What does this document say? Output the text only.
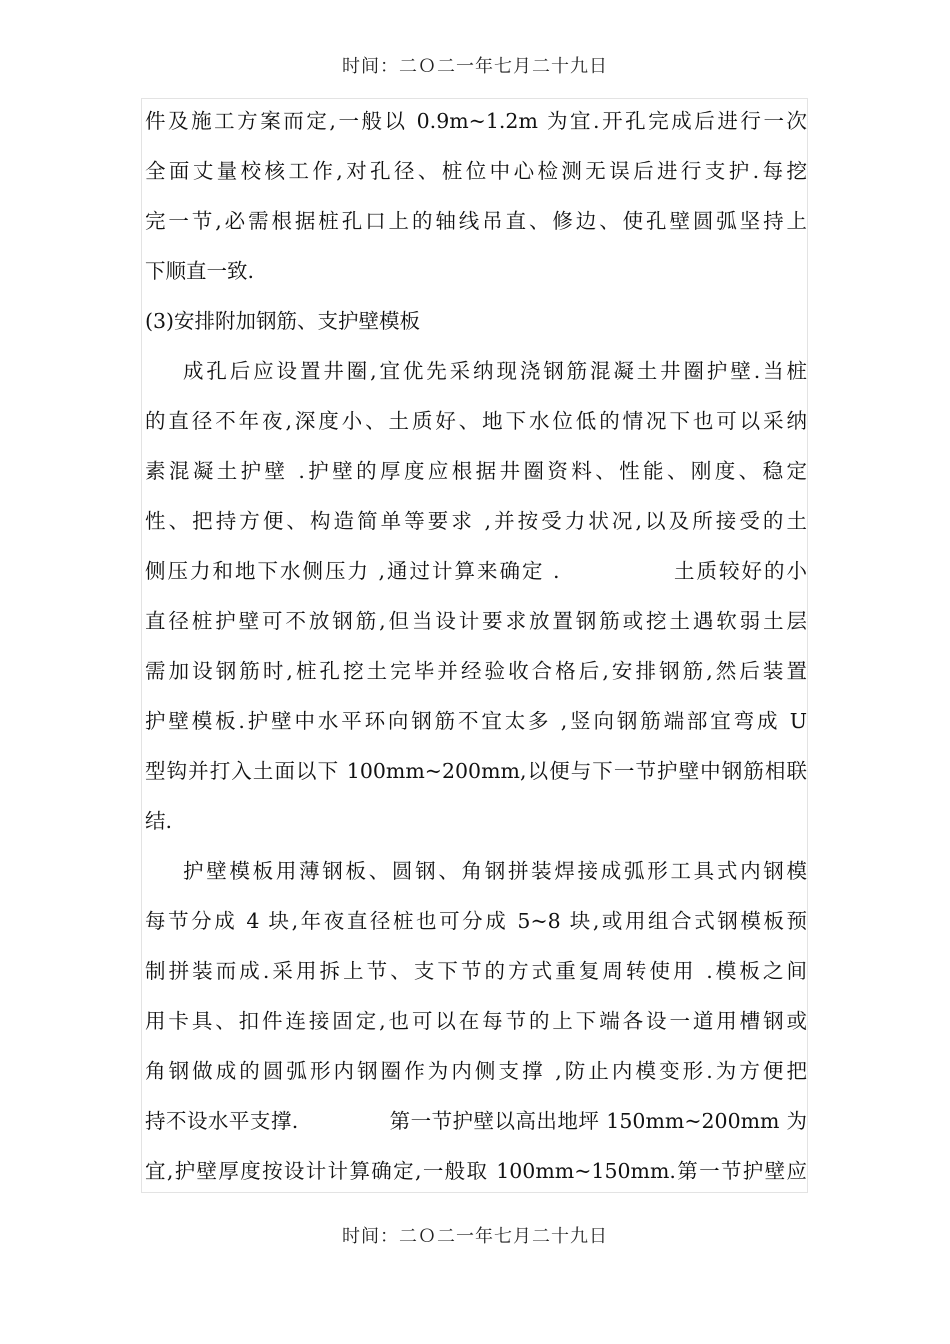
时间：二Ｏ二一年七月二十九日
件及施工方案而定,一般以 0.9m~1.2m 为宜.开孔完成后进行一次
全面丈量校核工作,对孔径、桩位中心检测无误后进行支护.每挖
完一节,必需根据桩孔口上的轴线吊直、修边、使孔壁圆弧坚持上
下顺直一致.
(3)安排附加钢筋、支护壁模板
成孔后应设置井圈,宜优先采纳现浇钢筋混凝土井圈护壁.当桩
的直径不年夜,深度小、土质好、地下水位低的情况下也可以采纳
素混凝土护壁 .护壁的厚度应根据井圈资料、性能、刚度、稳定
性、把持方便、构造简单等要求 ,并按受力状况,以及所接受的土
侧压力和地下水侧压力 ,通过计算来确定 .　　　　　土质较好的小
直径桩护壁可不放钢筋,但当设计要求放置钢筋或挖土遇软弱土层
需加设钢筋时,桩孔挖土完毕并经验收合格后,安排钢筋,然后装置
护壁模板.护壁中水平环向钢筋不宜太多 ,竖向钢筋端部宜弯成 U
型钩并打入土面以下 100mm~200mm,以便与下一节护壁中钢筋相联
结.
护壁模板用薄钢板、圆钢、角钢拼装焊接成弧形工具式内钢模
每节分成 4 块,年夜直径桩也可分成 5~8 块,或用组合式钢模板预
制拼装而成.采用拆上节、支下节的方式重复周转使用 .模板之间
用卡具、扣件连接固定,也可以在每节的上下端各设一道用槽钢或
角钢做成的圆弧形内钢圈作为内侧支撑 ,防止内模变形.为方便把
持不设水平支撑.　　　　 第一节护壁以高出地坪 150mm~200mm 为
宜,护壁厚度按设计计算确定,一般取 100mm~150mm.第一节护壁应
时间：二Ｏ二一年七月二十九日
